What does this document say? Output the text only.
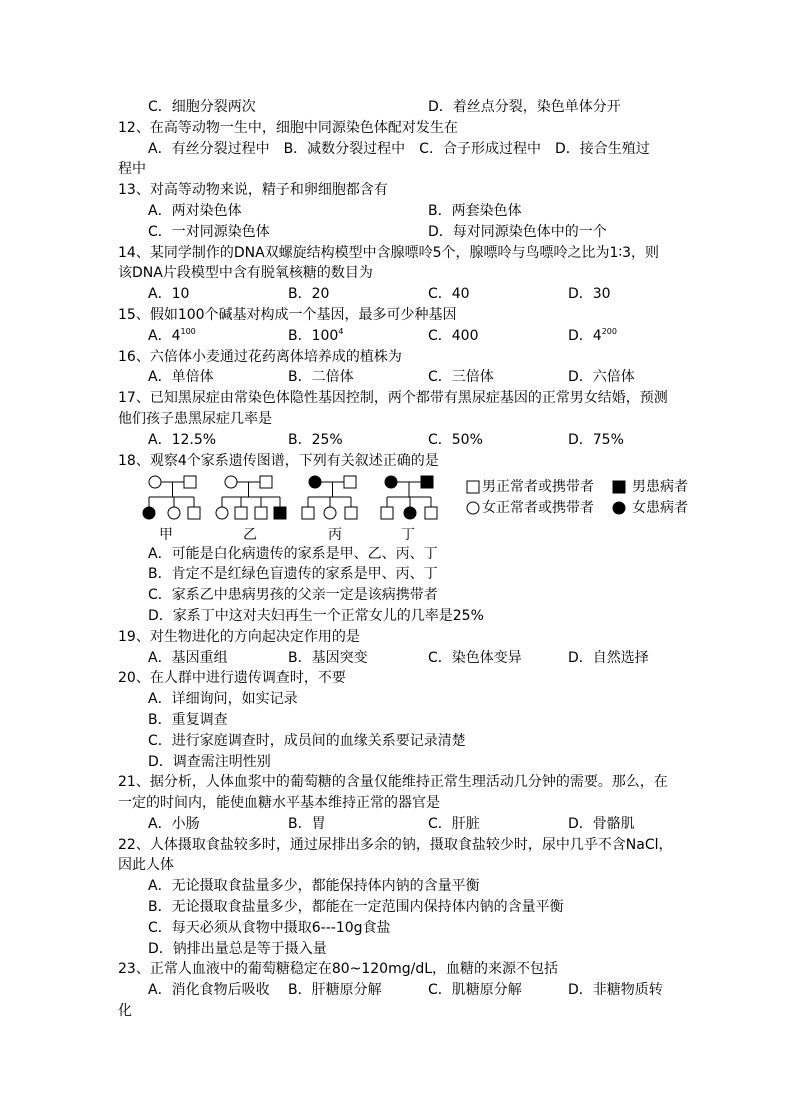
C．细胞分裂两次	D．着丝点分裂，染色单体分开
12、在高等动物一生中，细胞中同源染色体配对发生在
A．有丝分裂过程中　B．减数分裂过程中　C．合子形成过程中　D．接合生殖过
程中
13、对高等动物来说，精子和卵细胞都含有
A．两对染色体	B．两套染色体
C．一对同源染色体	D．每对同源染色体中的一个
14、某同学制作的DNA双螺旋结构模型中含腺嘌呤5个，腺嘌呤与鸟嘌呤之比为1∶3，则
该DNA片段模型中含有脱氧核糖的数目为
A．10	B．20	C．40	D．30
15、假如100个碱基对构成一个基因，最多可少种基因
A．$4^{100}$	B．$100^4$	C．400	D．$4^{200}$
16、六倍体小麦通过花药离体培养成的植株为
A．单倍体	B．二倍体	C．三倍体	D．六倍体
17、已知黑尿症由常染色体隐性基因控制，两个都带有黑尿症基因的正常男女结婚，预测
他们孩子患黑尿症几率是
A．12.5%	B．25%	C．50%	D．75%
18、观察4个家系遗传图谱，下列有关叙述正确的是
甲	乙	丙	丁
男正常者或携带者	男患病者
女正常者或携带者	女患病者
A．可能是白化病遗传的家系是甲、乙、丙、丁
B．肯定不是红绿色盲遗传的家系是甲、丙、丁
C．家系乙中患病男孩的父亲一定是该病携带者
D．家系丁中这对夫妇再生一个正常女儿的几率是25%
19、对生物进化的方向起决定作用的是
A．基因重组	B．基因突变	C．染色体变异	D．自然选择
20、在人群中进行遗传调查时，不要
A．详细询问，如实记录
B．重复调查
C．进行家庭调查时，成员间的血缘关系要记录清楚
D．调查需注明性别
21、据分析，人体血浆中的葡萄糖的含量仅能维持正常生理活动几分钟的需要。那么，在
一定的时间内，能使血糖水平基本维持正常的器官是
A．小肠	B．胃	C．肝脏	D．骨骼肌
22、人体摄取食盐较多时，通过尿排出多余的钠，摄取食盐较少时，尿中几乎不含NaCl，
因此人体
A．无论摄取食盐量多少，都能保持体内钠的含量平衡
B．无论摄取食盐量多少，都能在一定范围内保持体内钠的含量平衡
C．每天必须从食物中摄取6---10g食盐
D．钠排出量总是等于摄入量
23、正常人血液中的葡萄糖稳定在80~120mg/dL，血糖的来源不包括
A．消化食物后吸收 B．肝糖原分解	C．肌糖原分解	D．非糖物质转
化
